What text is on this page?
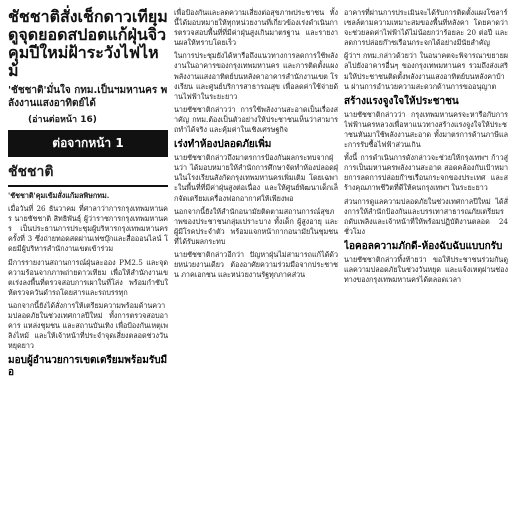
ชัชชาติสั่งเช็กดาวเทียม ดูจุดยอดสปอตแก้ฝุ่นจิ๋ว คุมปีใหม่ฝ้าระวังไฟไหม้
'ชัชชาติ'มั่นใจ กทม.เป็นฯมหานคร พลังงานแสงอาทิตย์ได้
(อ่านต่อหน้า 16)
ต่อจากหน้า 1
ชัชชาติ

'ชัชชาติ'คุมเข้มสั่งแก้มลพิษกทม.

เมื่อวันที่ 26 ธันวาคม ที่ศาลาว่าการกรุงเทพมหานคร นายชัชชาติ สิทธิพันธุ์ ผู้ว่าราชการกรุงเทพมหานคร เป็นประธานการประชุมผู้บริหารกรุงเทพมหานคร ครั้งที่ 3 ซึ่งถ่ายทอดสดผ่านเฟซบุ๊กและสื่อออนไลน์ โดยมีผู้บริหารสำนักงานเขตเข้าร่วม

มีการรายงานสถานการณ์ฝุ่นละออง PM2.5 และจุดความร้อนจากภาพถ่ายดาวเทียม เพื่อให้สำนักงานเขตเร่งลงพื้นที่ตรวจสอบการเผาในที่โล่ง พร้อมกำชับให้ตรวจควันดำรถโดยสารและรถบรรทุก

นอกจากนี้ยังได้สั่งการให้เตรียมความพร้อมด้านความปลอดภัยในช่วงเทศกาลปีใหม่ ทั้งการตรวจสอบอาคาร แหล่งชุมชน และสถานบันเทิง เพื่อป้องกันเหตุเพลิงไหม้ และให้เจ้าหน้าที่ประจำจุดเสี่ยงตลอดช่วงวันหยุดยาว

มอบผู้อำนวยการเขตเตรียมพร้อมรับมือ

เพื่อป้องกันและลดความเสี่ยงต่อสุขภาพประชาชน ทั้งนี้ได้มอบหมายให้ทุกหน่วยงานที่เกี่ยวข้องเร่งดำเนินการตรวจสอบพื้นที่ที่มีค่าฝุ่นสูงเกินมาตรฐาน และรายงานผลให้ทราบโดยเร็ว

ในการประชุมยังได้หารือถึงแนวทางการลดการใช้พลังงานในอาคารของกรุงเทพมหานคร และการติดตั้งแผงพลังงานแสงอาทิตย์บนหลังคาอาคารสำนักงานเขต โรงเรียน และศูนย์บริการสาธารณสุข เพื่อลดค่าใช้จ่ายด้านไฟฟ้าในระยะยาว

นายชัชชาติกล่าวว่า การใช้พลังงานสะอาดเป็นเรื่องสำคัญ กทม.ต้องเป็นตัวอย่างให้ประชาชนเห็นว่าสามารถทำได้จริง และคุ้มค่าในเชิงเศรษฐกิจ

เร่งทำห้องปลอดภัยเพิ่ม

นายชัชชาติกล่าวถึงมาตรการป้องกันผลกระทบจากฝุ่นว่า ได้มอบหมายให้สำนักการศึกษาจัดทำห้องปลอดฝุ่นในโรงเรียนสังกัดกรุงเทพมหานครเพิ่มเติม โดยเฉพาะในพื้นที่ที่มีค่าฝุ่นสูงต่อเนื่อง และให้ศูนย์พัฒนาเด็กเล็กจัดเตรียมเครื่องฟอกอากาศให้เพียงพอ

นอกจากนี้ยังให้สำนักอนามัยติดตามสถานการณ์สุขภาพของประชาชนกลุ่มเปราะบาง ทั้งเด็ก ผู้สูงอายุ และผู้มีโรคประจำตัว พร้อมแจกหน้ากากอนามัยในชุมชนที่ได้รับผลกระทบ

นายชัชชาติกล่าวอีกว่า ปัญหาฝุ่นไม่สามารถแก้ได้ด้วยหน่วยงานเดียว ต้องอาศัยความร่วมมือจากประชาชน ภาคเอกชน และหน่วยงานรัฐทุกภาคส่วน

อาคารที่ผ่านการประเมินจะได้รับการติดตั้งแผงโซลาร์เซลล์ตามความเหมาะสมของพื้นที่หลังคา โดยคาดว่าจะช่วยลดค่าไฟฟ้าได้ไม่น้อยกว่าร้อยละ 20 ต่อปี และลดการปล่อยก๊าซเรือนกระจกได้อย่างมีนัยสำคัญ

ผู้ว่าฯ กทม.กล่าวด้วยว่า ในอนาคตจะพิจารณาขยายผลไปยังอาคารอื่นๆ ของกรุงเทพมหานคร รวมถึงส่งเสริมให้ประชาชนติดตั้งพลังงานแสงอาทิตย์บนหลังคาบ้าน ผ่านการอำนวยความสะดวกด้านการขออนุญาต

สร้างแรงจูงใจให้ประชาชน

นายชัชชาติกล่าวว่า กรุงเทพมหานครจะหารือกับการไฟฟ้านครหลวงเพื่อหาแนวทางสร้างแรงจูงใจให้ประชาชนหันมาใช้พลังงานสะอาด ทั้งมาตรการด้านภาษีและการรับซื้อไฟฟ้าส่วนเกิน

ทั้งนี้ การดำเนินการดังกล่าวจะช่วยให้กรุงเทพฯ ก้าวสู่การเป็นมหานครพลังงานสะอาด สอดคล้องกับเป้าหมายการลดการปล่อยก๊าซเรือนกระจกของประเทศ และสร้างคุณภาพชีวิตที่ดีให้คนกรุงเทพฯ ในระยะยาว

ส่วนการดูแลความปลอดภัยในช่วงเทศกาลปีใหม่ ได้สั่งการให้สำนักป้องกันและบรรเทาสาธารณภัยเตรียมรถดับเพลิงและเจ้าหน้าที่ให้พร้อมปฏิบัติงานตลอด 24 ชั่วโมง

ไอคอลความภักดี-ห้องฉับฉับแบบกรับ

นายชัชชาติกล่าวทิ้งท้ายว่า ขอให้ประชาชนร่วมกันดูแลความปลอดภัยในช่วงวันหยุด และแจ้งเหตุผ่านช่องทางของกรุงเทพมหานครได้ตลอดเวลา
